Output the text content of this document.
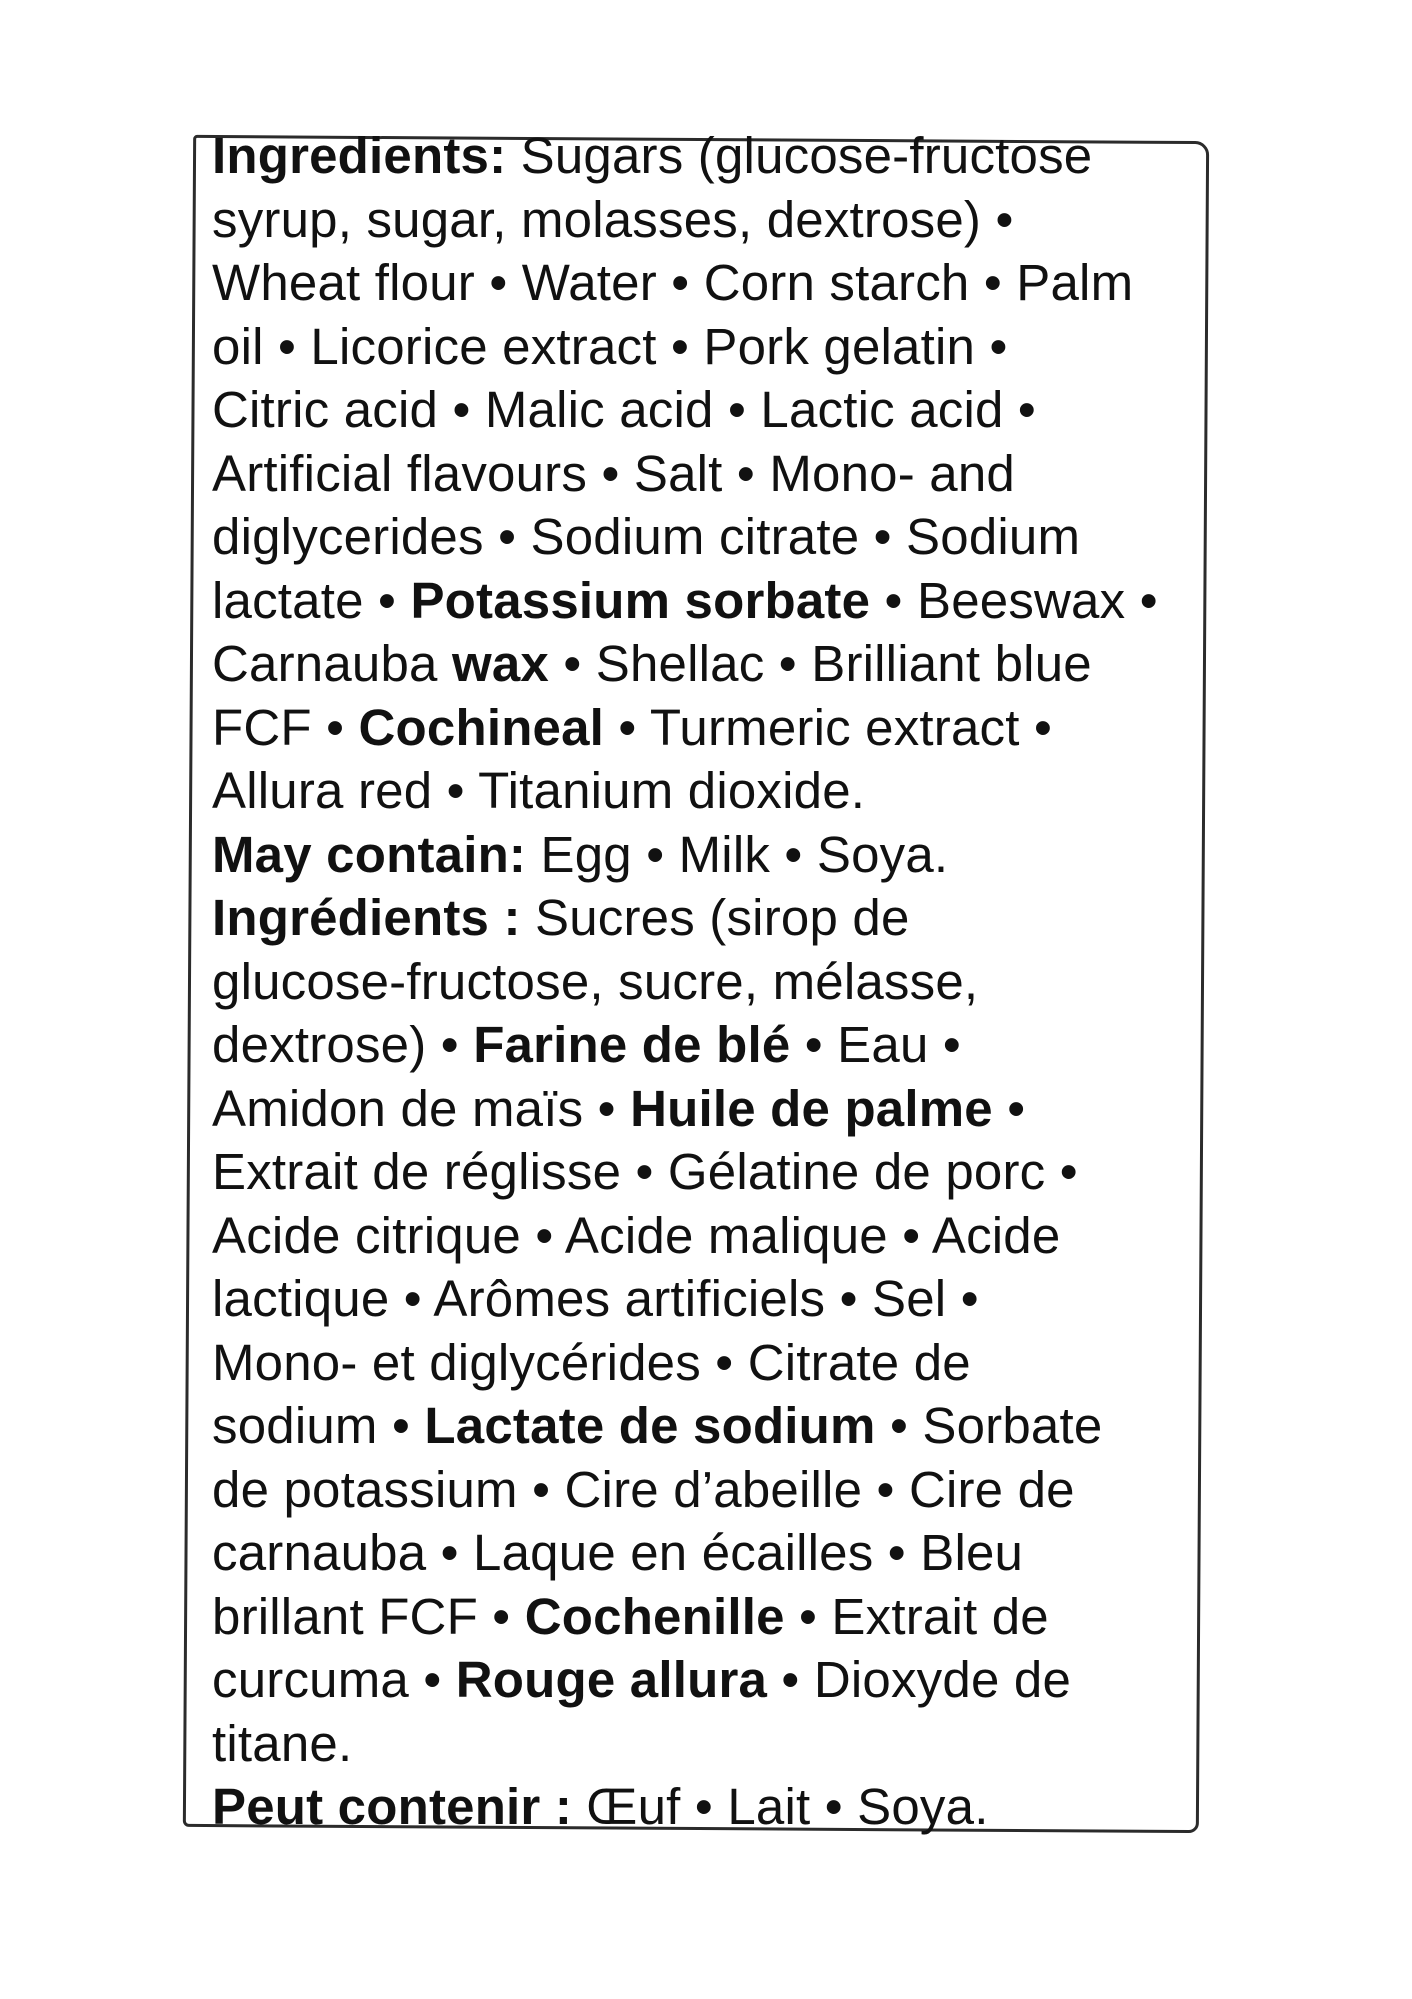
Ingredients: Sugars (glucose-fructose
syrup, sugar, molasses, dextrose) •
Wheat flour • Water • Corn starch • Palm
oil • Licorice extract • Pork gelatin •
Citric acid • Malic acid • Lactic acid •
Artificial flavours • Salt • Mono- and
diglycerides • Sodium citrate • Sodium
lactate • Potassium sorbate • Beeswax •
Carnauba wax • Shellac • Brilliant blue
FCF • Cochineal • Turmeric extract •
Allura red • Titanium dioxide.
May contain: Egg • Milk • Soya.
Ingrédients : Sucres (sirop de
glucose-fructose, sucre, mélasse,
dextrose) • Farine de blé • Eau •
Amidon de maïs • Huile de palme •
Extrait de réglisse • Gélatine de porc •
Acide citrique • Acide malique • Acide
lactique • Arômes artificiels • Sel •
Mono- et diglycérides • Citrate de
sodium • Lactate de sodium • Sorbate
de potassium • Cire d’abeille • Cire de
carnauba • Laque en écailles • Bleu
brillant FCF • Cochenille • Extrait de
curcuma • Rouge allura • Dioxyde de
titane.
Peut contenir : Œuf • Lait • Soya.
